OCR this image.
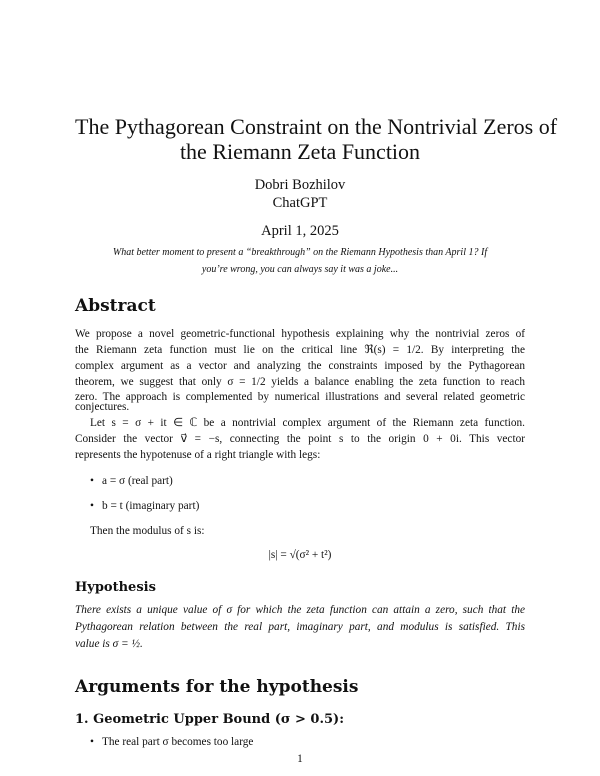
The Pythagorean Constraint on the Nontrivial Zeros of
the Riemann Zeta Function
Dobri Bozhilov
ChatGPT
April 1, 2025
What better moment to present a “breakthrough” on the Riemann Hypothesis than April 1? If
you’re wrong, you can always say it was a joke...
Abstract
We propose a novel geometric-functional hypothesis explaining why the nontrivial zeros of
the Riemann zeta function must lie on the critical line ℜ(s) = 1/2. By interpreting the
complex argument as a vector and analyzing the constraints imposed by the Pythagorean
theorem, we suggest that only σ = 1/2 yields a balance enabling the zeta function to reach
zero. The approach is complemented by numerical illustrations and several related geometric
conjectures.
Let s = σ + it ∈ ℂ be a nontrivial complex argument of the Riemann zeta function.
Consider the vector v⃗ = −s, connecting the point s to the origin 0 + 0i. This vector
represents the hypotenuse of a right triangle with legs:
• a = σ (real part)
• b = t (imaginary part)
Then the modulus of s is:
|s| = √(σ² + t²)
Hypothesis
There exists a unique value of σ for which the zeta function can attain a zero, such that the
Pythagorean relation between the real part, imaginary part, and modulus is satisfied. This
value is σ = ½.
Arguments for the hypothesis
1. Geometric Upper Bound (σ > 0.5):
• The real part σ becomes too large
1
